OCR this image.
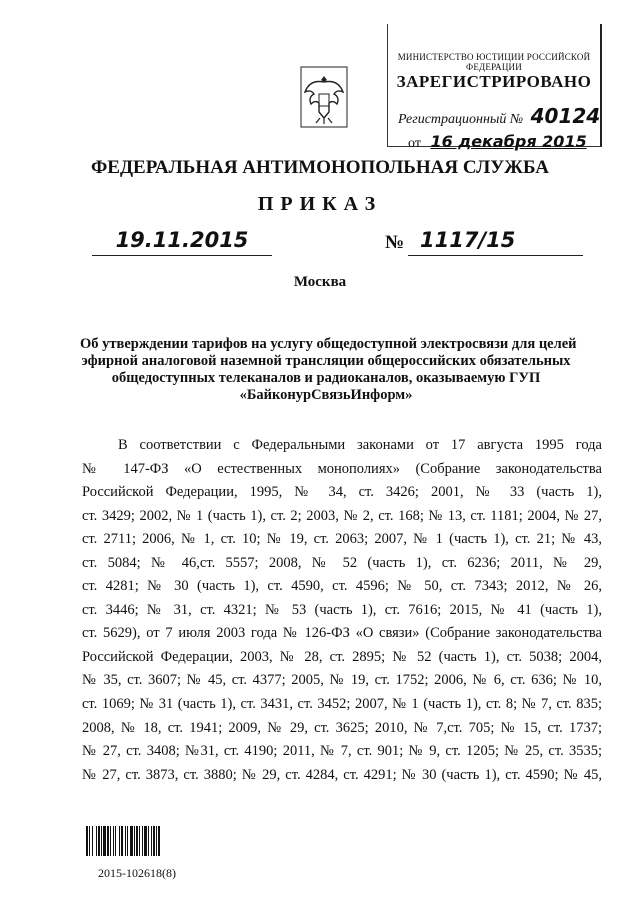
МИНИСТЕРСТВО ЮСТИЦИИ РОССИЙСКОЙ ФЕДЕРАЦИИ
ЗАРЕГИСТРИРОВАНО
Регистрационный № 40124
от 16 декабря 2015
ФЕДЕРАЛЬНАЯ АНТИМОНОПОЛЬНАЯ СЛУЖБА
ПРИКАЗ
19.11.2015	№ 1117/15
Москва
Об утверждении тарифов на услугу общедоступной электросвязи для целей
эфирной аналоговой наземной трансляции общероссийских обязательных
общедоступных телеканалов и радиоканалов, оказываемую ГУП
«БайконурСвязьИнформ»
В соответствии с Федеральными законами от 17 августа 1995 года
№ 147-ФЗ «О естественных монополиях» (Собрание законодательства
Российской Федерации, 1995, № 34, ст. 3426; 2001, № 33 (часть 1),
ст. 3429; 2002, № 1 (часть 1), ст. 2; 2003, № 2, ст. 168; № 13, ст. 1181; 2004, № 27,
ст. 2711; 2006, № 1, ст. 10; № 19, ст. 2063; 2007, № 1 (часть 1), ст. 21; № 43,
ст. 5084; № 46,ст. 5557; 2008, № 52 (часть 1), ст. 6236; 2011, № 29,
ст. 4281; № 30 (часть 1), ст. 4590, ст. 4596; № 50, ст. 7343; 2012, № 26,
ст. 3446; № 31, ст. 4321; № 53 (часть 1), ст. 7616; 2015, № 41 (часть 1),
ст. 5629), от 7 июля 2003 года № 126-ФЗ «О связи» (Собрание законодательства
Российской Федерации, 2003, № 28, ст. 2895; № 52 (часть 1), ст. 5038; 2004,
№ 35, ст. 3607; № 45, ст. 4377; 2005, № 19, ст. 1752; 2006, № 6, ст. 636; № 10,
ст. 1069; № 31 (часть 1), ст. 3431, ст. 3452; 2007, № 1 (часть 1), ст. 8; № 7, ст. 835;
2008, № 18, ст. 1941; 2009, № 29, ст. 3625; 2010, № 7,ст. 705; № 15, ст. 1737;
№ 27, ст. 3408; №31, ст. 4190; 2011, № 7, ст. 901; № 9, ст. 1205; № 25, ст. 3535;
№ 27, ст. 3873, ст. 3880; № 29, ст. 4284, ст. 4291; № 30 (часть 1), ст. 4590; № 45,
2015-102618(8)
